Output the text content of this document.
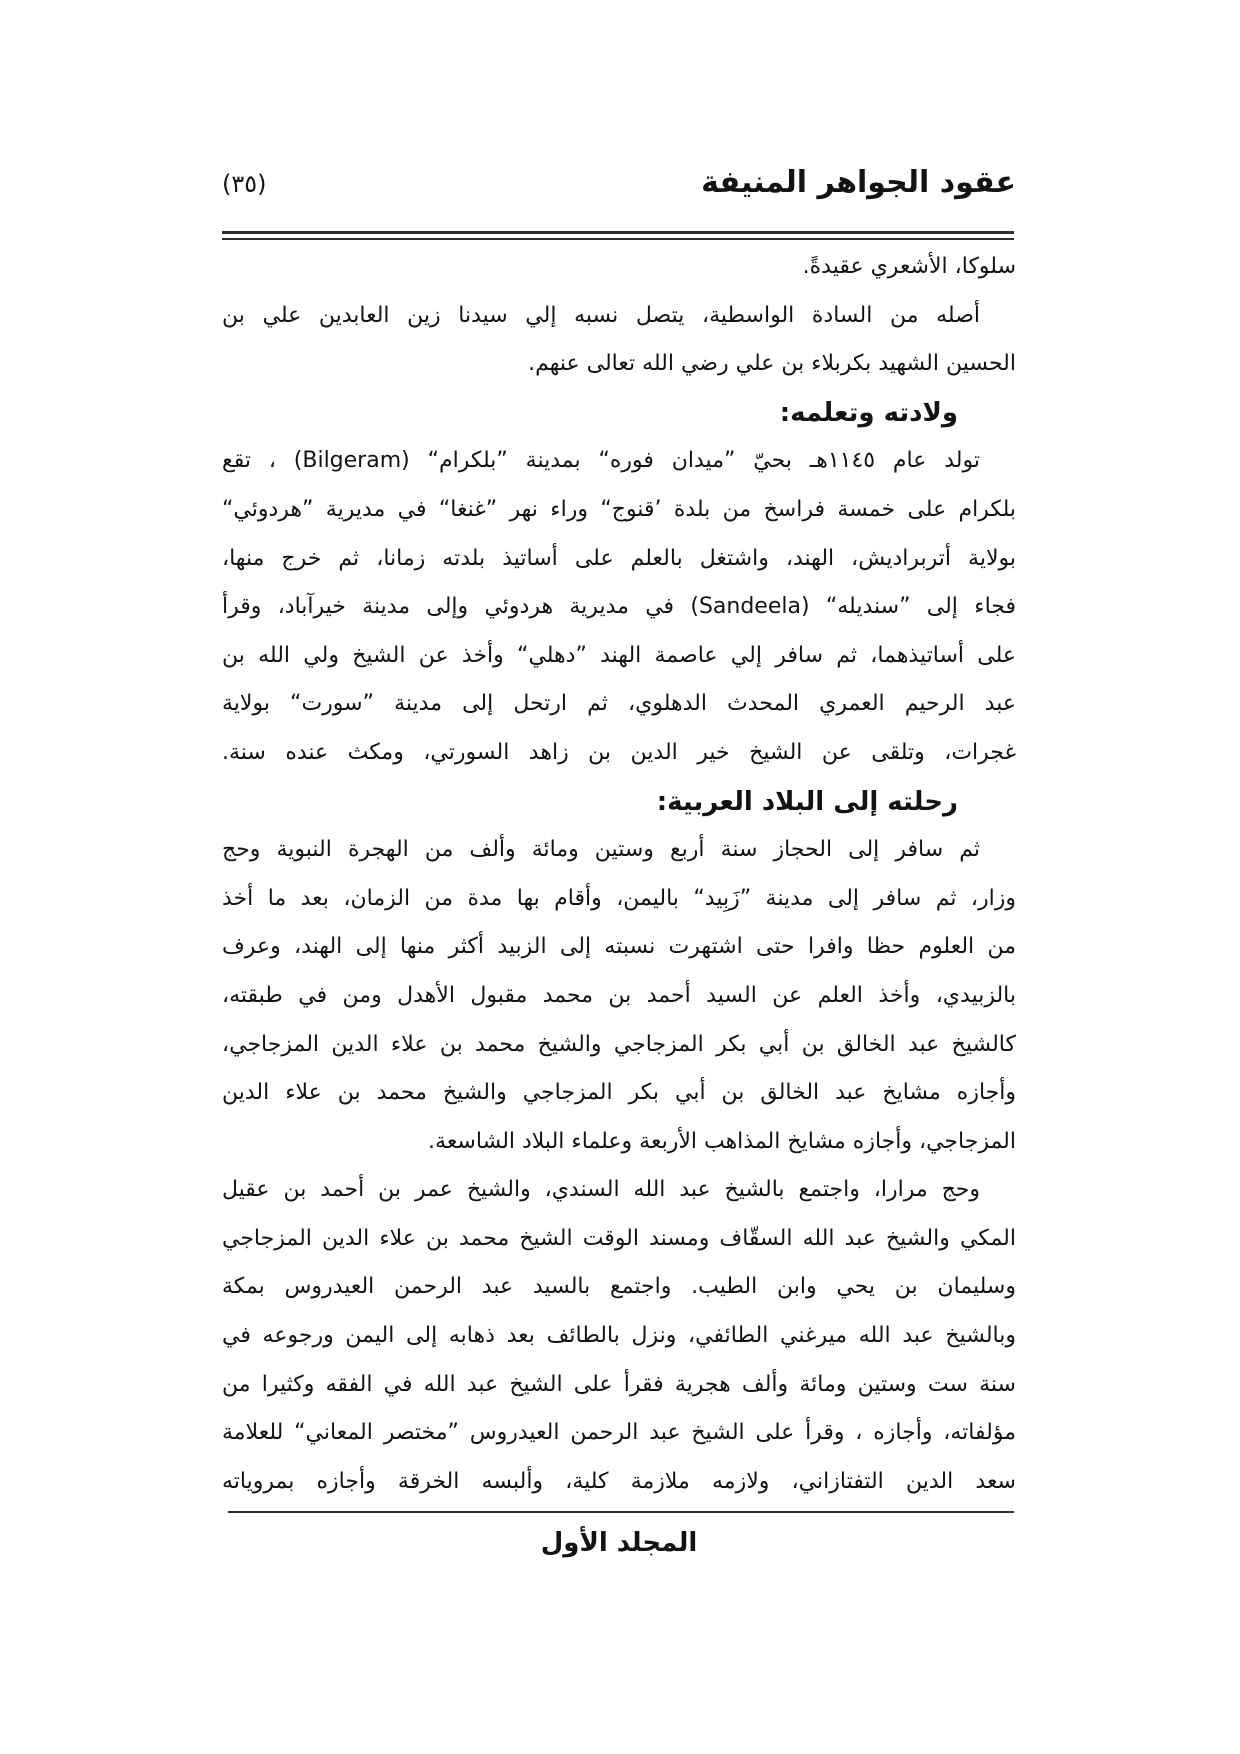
(٣٥)	عقود الجواهر المنيفة
سلوكا، الأشعري عقيدةً.
أصله من السادة الواسطية، يتصل نسبه إلي سيدنا زين العابدين علي بن
الحسين الشهيد بكربلاء بن علي رضي الله تعالى عنهم.
ولادته وتعلمه:
تولد عام ١١٤٥هـ بحيّ ”ميدان فوره“ بمدينة ”بلكرام“ (Bilgeram) ، تقع
بلكرام على خمسة فراسخ من بلدة ’قنوج“ وراء نهر ”غنغا“ في مديرية ”هردوئي“
بولاية أتربراديش، الهند، واشتغل بالعلم على أساتيذ بلدته زمانا، ثم خرج منها،
فجاء إلى ”سنديله“ (Sandeela) في مديرية هردوئي وإلى مدينة خيرآباد، وقرأ
على أساتيذهما، ثم سافر إلي عاصمة الهند ”دهلي“ وأخذ عن الشيخ ولي الله بن
عبد الرحيم العمري المحدث الدهلوي، ثم ارتحل إلى مدينة ”سورت“ بولاية
غجرات، وتلقى عن الشيخ خير الدين بن زاهد السورتي، ومكث عنده سنة.
رحلته إلى البلاد العربية:
ثم سافر إلى الحجاز سنة أربع وستين ومائة وألف من الهجرة النبوية وحج
وزار، ثم سافر إلى مدينة ”زَبِيد“ باليمن، وأقام بها مدة من الزمان، بعد ما أخذ
من العلوم حظا وافرا حتى اشتهرت نسبته إلى الزبيد أكثر منها إلى الهند، وعرف
بالزبيدي، وأخذ العلم عن السيد أحمد بن محمد مقبول الأهدل ومن في طبقته،
كالشيخ عبد الخالق بن أبي بكر المزجاجي والشيخ محمد بن علاء الدين المزجاجي،
وأجازه مشايخ عبد الخالق بن أبي بكر المزجاجي والشيخ محمد بن علاء الدين
المزجاجي، وأجازه مشايخ المذاهب الأربعة وعلماء البلاد الشاسعة.
وحج مرارا، واجتمع بالشيخ عبد الله السندي، والشيخ عمر بن أحمد بن عقيل
المكي والشيخ عبد الله السقّاف ومسند الوقت الشيخ محمد بن علاء الدين المزجاجي
وسليمان بن يحي وابن الطيب. واجتمع بالسيد عبد الرحمن العيدروس بمكة
وبالشيخ عبد الله ميرغني الطائفي، ونزل بالطائف بعد ذهابه إلى اليمن ورجوعه في
سنة ست وستين ومائة وألف هجرية فقرأ على الشيخ عبد الله في الفقه وكثيرا من
مؤلفاته، وأجازه ، وقرأ على الشيخ عبد الرحمن العيدروس ”مختصر المعاني“ للعلامة
سعد الدين التفتازاني، ولازمه ملازمة كلية، وألبسه الخرقة وأجازه بمروياته
المجلد الأول
